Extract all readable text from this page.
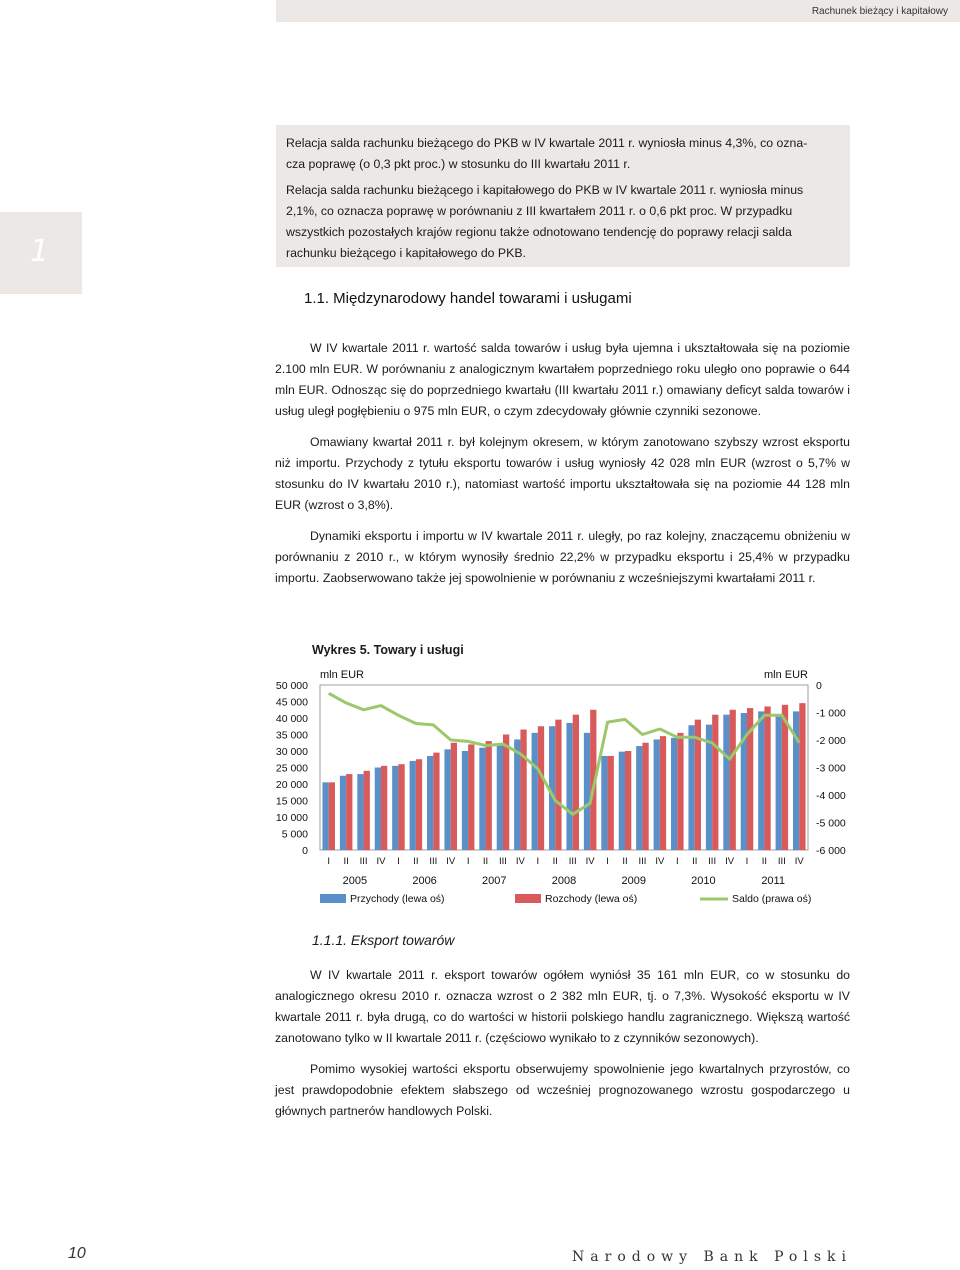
Rachunek bieżący i kapitałowy
1

Relacja salda rachunku bieżącego do PKB w IV kwartale 2011 r. wyniosła minus 4,3%, co ozna-

cza poprawę (o 0,3 pkt proc.) w stosunku do III kwartału 2011 r.

Relacja salda rachunku bieżącego i kapitałowego do PKB w IV kwartale 2011 r. wyniosła minus

2,1%, co oznacza poprawę w porównaniu z III kwartałem 2011 r. o 0,6 pkt proc. W przypadku

wszystkich pozostałych krajów regionu także odnotowano tendencję do poprawy relacji salda

rachunku bieżącego i kapitałowego do PKB.

1.1. Międzynarodowy handel towarami i usługami

W IV kwartale 2011 r. wartość salda towarów i usług była ujemna i ukształtowała się na poziomie 2.100 mln EUR. W porównaniu z analogicznym kwartałem poprzedniego roku uległo ono poprawie o 644 mln EUR. Odnosząc się do poprzedniego kwartału (III kwartału 2011 r.) omawiany deficyt salda towarów i usług uległ pogłębieniu o 975 mln EUR, o czym zdecydowały głównie czynniki sezonowe.

Omawiany kwartał 2011 r. był kolejnym okresem, w którym zanotowano szybszy wzrost eksportu niż importu. Przychody z tytułu eksportu towarów i usług wyniosły 42 028 mln EUR (wzrost o 5,7% w stosunku do IV kwartału 2010 r.), natomiast wartość importu ukształtowała się na poziomie 44 128 mln EUR (wzrost o 3,8%).

Dynamiki eksportu i importu w IV kwartale 2011 r. uległy, po raz kolejny, znaczącemu obniżeniu w porównaniu z 2010 r., w którym wynosiły średnio 22,2% w przypadku eksportu i 25,4% w przypadku importu. Zaobserwowano także jej spowolnienie w porównaniu z wcześniejszymi kwartałami 2011 r.

Wykres 5. Towary i usługi
mln EUR	mln EUR
50 000
45 000
40 000
35 000
30 000
25 000
20 000
15 000
10 000
5 000
0
0
-1 000
-2 000
-3 000
-4 000
-5 000
-6 000
I II III IV I II III IV I II III IV I II III IV I II III IV I II III IV I II III IV
2005	2006	2007	2008	2009	2010	2011
Przychody (lewa oś)	Rozchody (lewa oś)	Saldo (prawa oś)
1.1.1. Eksport towarów

W IV kwartale 2011 r. eksport towarów ogółem wyniósł 35 161 mln EUR, co w stosunku do analogicznego okresu 2010 r. oznacza wzrost o 2 382 mln EUR, tj. o 7,3%. Wysokość eksportu w IV kwartale 2011 r. była drugą, co do wartości w historii polskiego handlu zagranicznego. Większą wartość zanotowano tylko w II kwartale 2011 r. (częściowo wynikało to z czynników sezonowych).

Pomimo wysokiej wartości eksportu obserwujemy spowolnienie jego kwartalnych przyrostów, co jest prawdopodobnie efektem słabszego od wcześniej prognozowanego wzrostu gospodarczego u głównych partnerów handlowych Polski.

10	Narodowy Bank Polski
